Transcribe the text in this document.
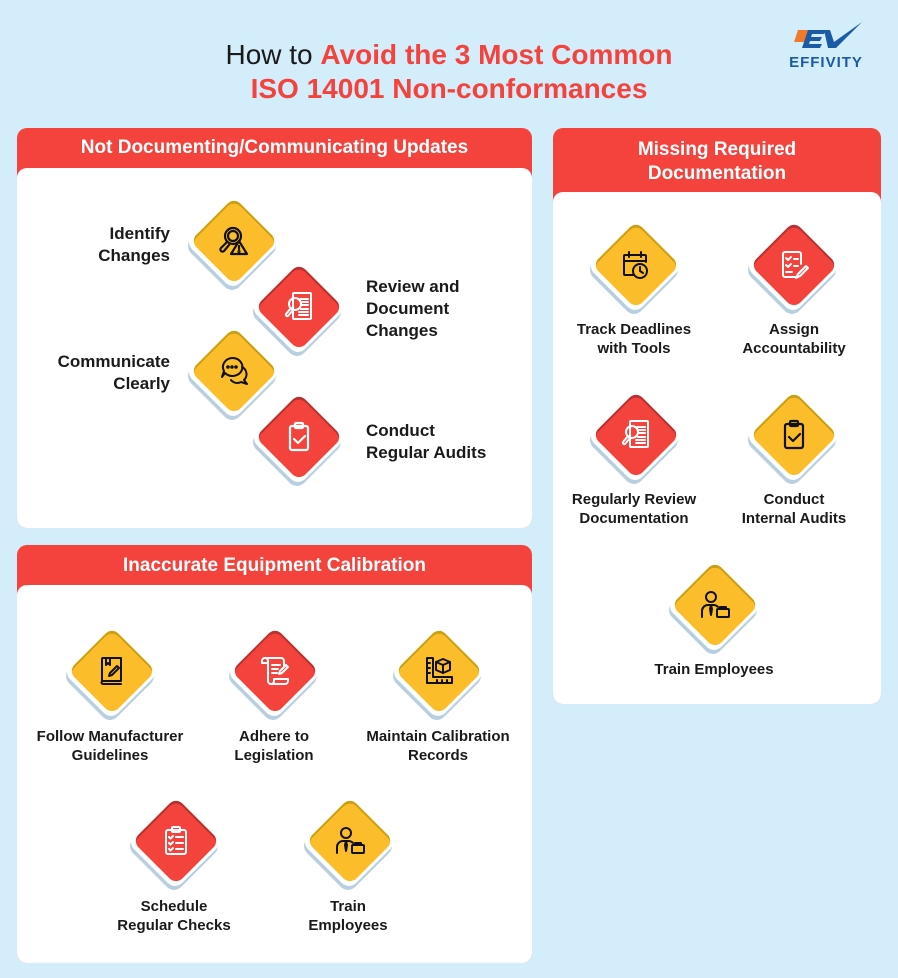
How to Avoid the 3 Most Common
ISO 14001 Non-conformances
EFFIVITY
Not Documenting/Communicating Updates
Identify
Changes
Review and
Document
Changes
Communicate
Clearly
Conduct
Regular Audits
Missing Required
Documentation
Track Deadlines
with Tools
Assign
Accountability
Regularly Review
Documentation
Conduct
Internal Audits
Train Employees
Inaccurate Equipment Calibration
Follow Manufacturer
Guidelines
Adhere to
Legislation
Maintain Calibration
Records
Schedule
Regular Checks
Train
Employees
